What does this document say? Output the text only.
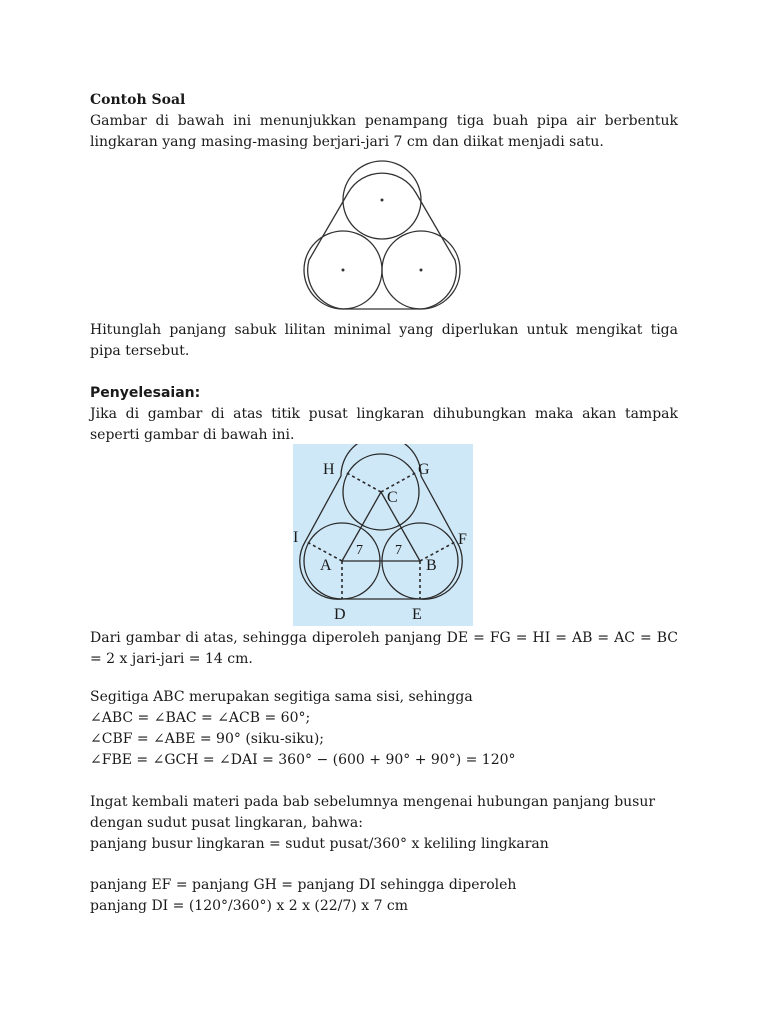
Contoh Soal

Gambar di bawah ini menunjukkan penampang tiga buah pipa air berbentuk lingkaran yang masing-masing berjari-jari 7 cm dan diikat menjadi satu.

Hitunglah panjang sabuk lilitan minimal yang diperlukan untuk mengikat tiga pipa tersebut.

Penyelesaian:

Jika di gambar di atas titik pusat lingkaran dihubungkan maka akan tampak seperti gambar di bawah ini.

H	G
C
I	F
A	B
D	E
7 7

Dari gambar di atas, sehingga diperoleh panjang DE = FG = HI = AB = AC = BC = 2 x jari-jari = 14 cm.

Segitiga ABC merupakan segitiga sama sisi, sehingga

∠ABC = ∠BAC = ∠ACB = 60°;

∠CBF = ∠ABE = 90° (siku-siku);

∠FBE = ∠GCH = ∠DAI = 360° − (600 + 90° + 90°) = 120°

Ingat kembali materi pada bab sebelumnya mengenai hubungan panjang busur dengan sudut pusat lingkaran, bahwa:

panjang busur lingkaran = sudut pusat/360° x keliling lingkaran

panjang EF = panjang GH = panjang DI sehingga diperoleh

panjang DI = (120°/360°) x 2 x (22/7) x 7 cm
